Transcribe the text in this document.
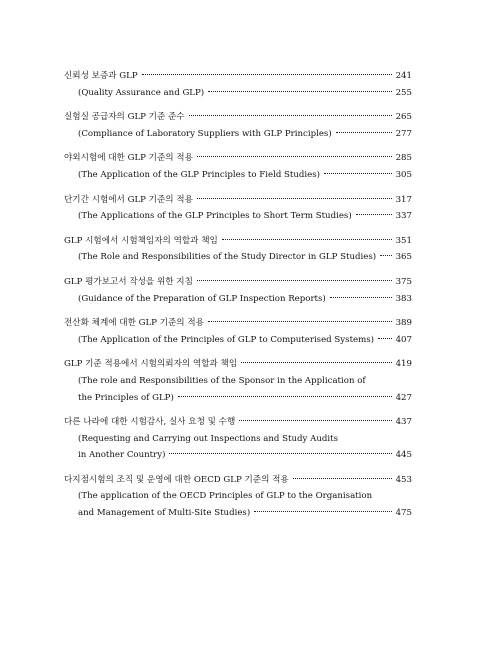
신뢰성 보증과 GLP	241
(Quality Assurance and GLP)	255
실험실 공급자의 GLP 기준 준수	265
(Compliance of Laboratory Suppliers with GLP Principles)	277
야외시험에 대한 GLP 기준의 적용	285
(The Application of the GLP Principles to Field Studies)	305
단기간 시험에서 GLP 기준의 적용	317
(The Applications of the GLP Principles to Short Term Studies)	337
GLP 시험에서 시험책임자의 역할과 책임	351
(The Role and Responsibilities of the Study Director in GLP Studies) 365
GLP 평가보고서 작성을 위한 지침	375
(Guidance of the Preparation of GLP Inspection Reports)	383
전산화 체계에 대한 GLP 기준의 적용	389
(The Application of the Principles of GLP to Computerised Systems)	407
GLP 기준 적용에서 시험의뢰자의 역할과 책임	419
(The role and Responsibilities of the Sponsor in the Application of
the Principles of GLP)	427
다른 나라에 대한 시험감사, 실사 요청 및 수행	437
(Requesting and Carrying out Inspections and Study Audits
in Another Country)	445
다지점시험의 조직 및 운영에 대한 OECD GLP 기준의 적용	453
(The application of the OECD Principles of GLP to the Organisation
and Management of Multi-Site Studies)	475
